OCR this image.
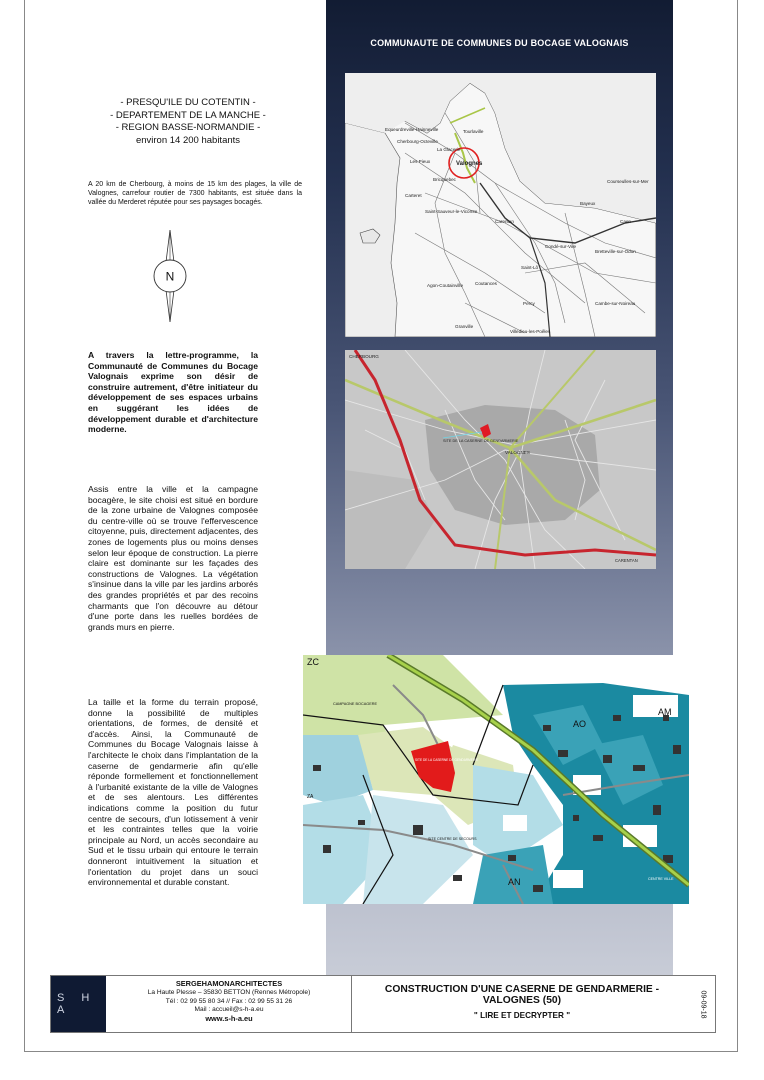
COMMUNAUTE DE COMMUNES DU BOCAGE VALOGNAIS
- PRESQU'ILE DU COTENTIN -
- DEPARTEMENT DE LA MANCHE -
- REGION BASSE-NORMANDIE -
environ 14 200 habitants
A 20 km de Cherbourg, à moins de 15 km des plages, la ville de Valognes, carrefour routier de 7300 habitants, est située dans la vallée du Merderet réputée pour ses paysages bocagés.
N
A travers la lettre-programme, la Communauté de Communes du Bocage Valognais exprime son désir de construire autrement, d'être initiateur du développement de ses espaces urbains en suggérant les idées de développement durable et d'architecture moderne.
Assis entre la ville et la campagne bocagère, le site choisi est situé en bordure de la zone urbaine de Valognes composée du centre-ville où se trouve l'effervescence citoyenne, puis, directement adjacentes, des zones de logements plus ou moins denses selon leur époque de construction. La pierre claire est dominante sur les façades des constructions de Valognes. La végétation s'insinue dans la ville par les jardins arborés des grandes propriétés et par des recoins charmants que l'on découvre au détour d'une porte dans les ruelles bordées de grands murs en pierre.
La taille et la forme du terrain proposé, donne la possibilité de multiples orientations, de formes, de densité et d'accès. Ainsi, la Communauté de Communes du Bocage Valognais laisse à l'architecte le choix dans l'implantation de la caserne de gendarmerie afin qu'elle réponde formellement et fonctionnellement à l'urbanité existante de la ville de Valognes et de ses alentours. Les différentes indications comme la position du futur centre de secours, d'un lotissement à venir et les contraintes telles que la voirie principale au Nord, un accès secondaire au Sud et le tissu urbain qui entoure le terrain donneront intuitivement la situation et l'orientation du projet dans un souci environnemental et durable constant.
Equeurdreville-Hainneville
Cherbourg-Octeville
Tourlaville
La Glacerie
Les Pieux	Valognes
Bricquebec
Carteret
Saint-Sauveur-le-Vicomte
Carentan
Saint-Lô
Coutances
Agon-Coutainville
Percy
Granville
Villedieu-les-Poêles
Bayeux
Courseulles-sur-Mer
Caen
Condé-sur-Vire
Bretteville-sur-Odon
Cambe-sur-Noireau
CHERBOURG
SITE DE LA CASERNE DE GENDARMERIE
VALOGNES
CARENTAN
ZC
AM
AO
AN
ZA
CAMPAGNE BOCAGERE
SITE DE LA CASERNE DE GENDARMERIE
SITE CENTRE DE SECOURS
CENTRE VILLE
S H A
SERGEHAMONARCHITECTES
La Haute Plesse – 35830 BETTON (Rennes Métropole)
Tél : 02 99 55 80 34 // Fax : 02 99 55 31 26
Mail : accueil@s-h-a.eu
www.s-h-a.eu
CONSTRUCTION D'UNE CASERNE DE GENDARMERIE - VALOGNES (50)
" LIRE ET DECRYPTER "	09-09-18
